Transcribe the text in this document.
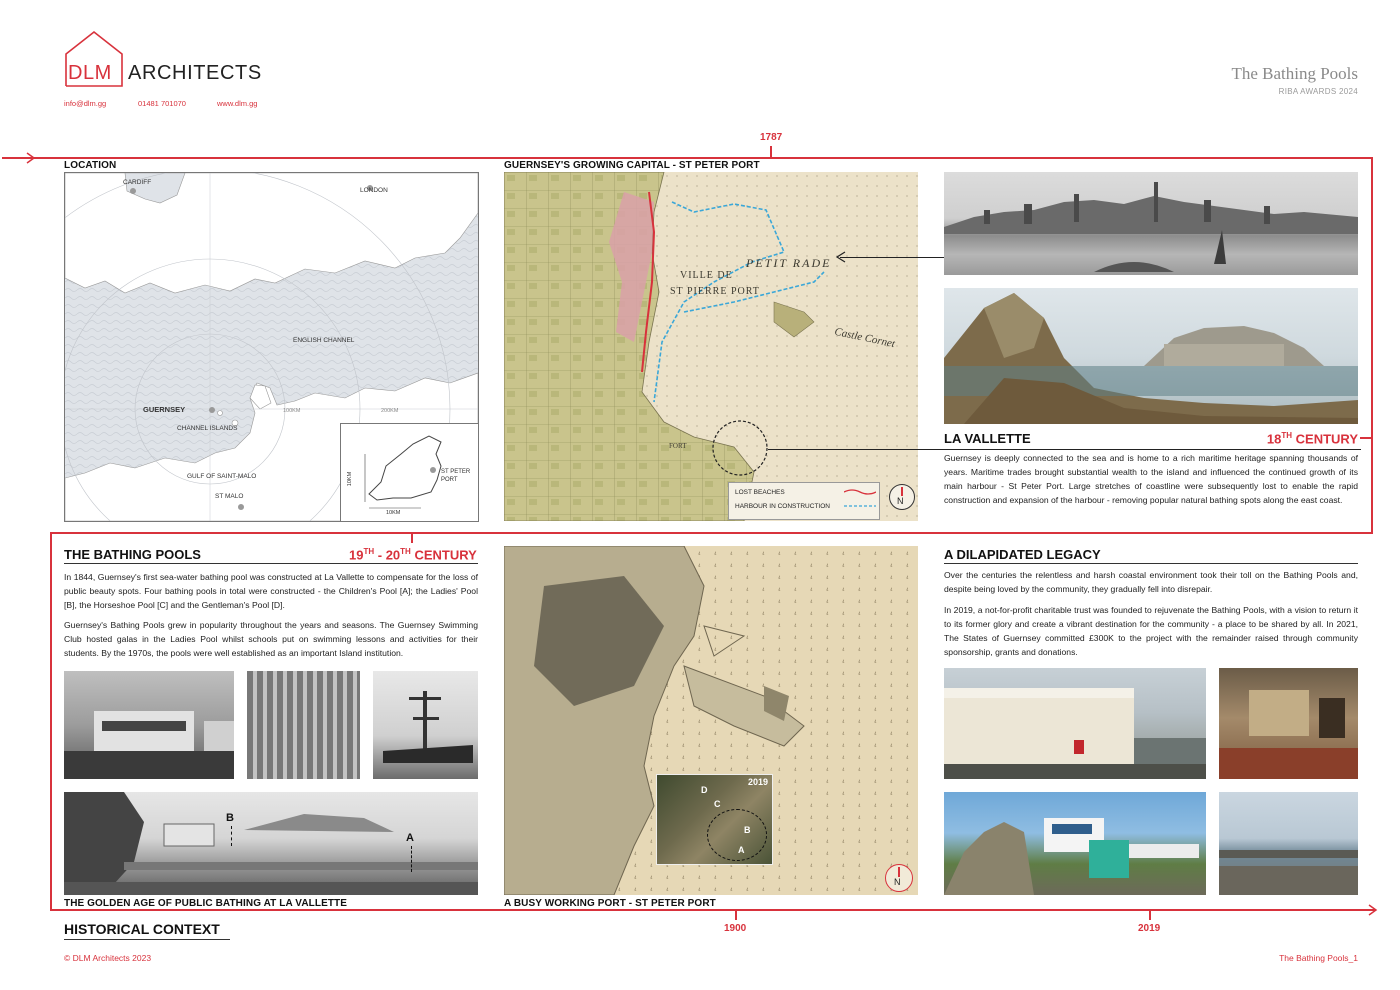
DLM ARCHITECTS
info@dlm.gg	01481 701070	www.dlm.gg
The Bathing Pools
RIBA AWARDS 2024
1787
1900	2019
LOCATION
CARDIFF
LONDON
ENGLISH CHANNEL
GUERNSEY
CHANNEL ISLANDS
GULF OF SAINT-MALO
ST MALO
100KM	200KM
ST PETER PORT
10KM
10KM
GUERNSEY'S GROWING CAPITAL - ST PETER PORT
VILLE DE
ST PIERRE PORT
PETIT RADE
Castle Cornet
FORT
LOST BEACHES
HARBOUR IN CONSTRUCTION
N
LA VALLETTE	18TH CENTURY
Guernsey is deeply connected to the sea and is home to a rich maritime heritage spanning thousands of years. Maritime trades brought substantial wealth to the island and influenced the continued growth of its main harbour - St Peter Port. Large stretches of coastline were subsequently lost to enable the rapid construction and expansion of the harbour - removing popular natural bathing spots along the east coast.
THE BATHING POOLS	19TH - 20TH CENTURY
In 1844, Guernsey's first sea-water bathing pool was constructed at La Vallette to compensate for the loss of public beauty spots. Four bathing pools in total were constructed - the Children's Pool [A]; the Ladies' Pool [B], the Horseshoe Pool [C] and the Gentleman's Pool [D].
Guernsey's Bathing Pools grew in popularity throughout the years and seasons. The Guernsey Swimming Club hosted galas in the Ladies Pool whilst schools put on swimming lessons and activities for their students. By the 1970s, the pools were well established as an important Island institution.
B
A
THE GOLDEN AGE OF PUBLIC BATHING AT LA VALLETTE
2019
D
C
B
A
N
A BUSY WORKING PORT - ST PETER PORT
A DILAPIDATED LEGACY
Over the centuries the relentless and harsh coastal environment took their toll on the Bathing Pools and, despite being loved by the community, they gradually fell into disrepair.
In 2019, a not-for-profit charitable trust was founded to rejuvenate the Bathing Pools, with a vision to return it to its former glory and create a vibrant destination for the community - a place to be shared by all. In 2021, The States of Guernsey committed £300K to the project with the remainder raised through community sponsorship, grants and donations.
HISTORICAL CONTEXT
© DLM Architects 2023	The Bathing Pools_1
